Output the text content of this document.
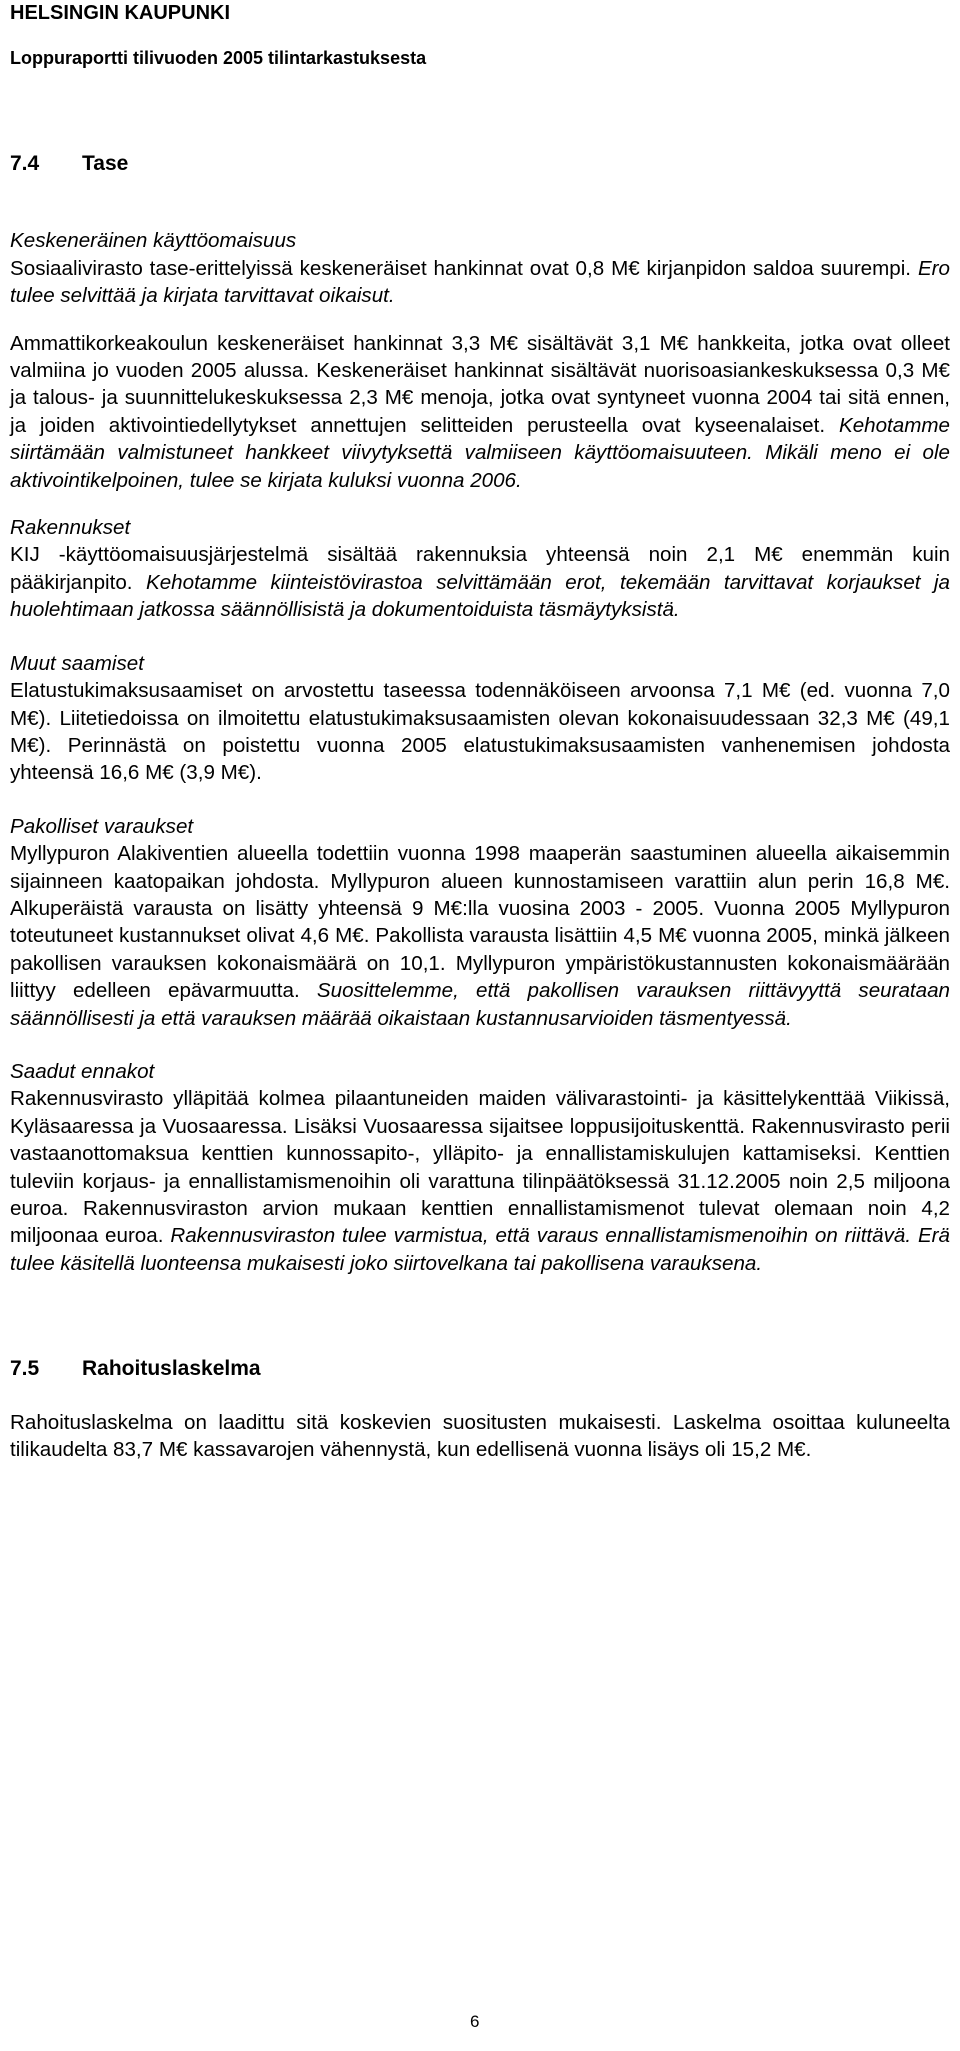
HELSINGIN KAUPUNKI
Loppuraportti tilivuoden 2005 tilintarkastuksesta

7.4 Tase

Keskeneräinen käyttöomaisuus

Sosiaalivirasto tase-erittelyissä keskeneräiset hankinnat ovat 0,8 M€ kirjanpidon saldoa suurempi. Ero tulee selvittää ja kirjata tarvittavat oikaisut.

Ammattikorkeakoulun keskeneräiset hankinnat 3,3 M€ sisältävät 3,1 M€ hankkeita, jotka ovat olleet valmiina jo vuoden 2005 alussa. Keskeneräiset hankinnat sisältävät nuorisoasiankeskuksessa 0,3 M€ ja talous- ja suunnittelukeskuksessa 2,3 M€ menoja, jotka ovat syntyneet vuonna 2004 tai sitä ennen, ja joiden aktivointiedellytykset annettujen selitteiden perusteella ovat kyseenalaiset. Kehotamme siirtämään valmistuneet hankkeet viivytyksettä valmiiseen käyttöomaisuuteen. Mikäli meno ei ole aktivointikelpoinen, tulee se kirjata kuluksi vuonna 2006.

Rakennukset

KIJ -käyttöomaisuusjärjestelmä sisältää rakennuksia yhteensä noin 2,1 M€ enemmän kuin pääkirjanpito. Kehotamme kiinteistövirastoa selvittämään erot, tekemään tarvittavat korjaukset ja huolehtimaan jatkossa säännöllisistä ja dokumentoiduista täsmäytyksistä.

Muut saamiset

Elatustukimaksusaamiset on arvostettu taseessa todennäköiseen arvoonsa 7,1 M€ (ed. vuonna 7,0 M€). Liitetiedoissa on ilmoitettu elatustukimaksusaamisten olevan kokonaisuudessaan 32,3 M€ (49,1 M€). Perinnästä on poistettu vuonna 2005 elatustukimaksusaamisten vanhenemisen johdosta yhteensä 16,6 M€ (3,9 M€).

Pakolliset varaukset

Myllypuron Alakiventien alueella todettiin vuonna 1998 maaperän saastuminen alueella aikaisemmin sijainneen kaatopaikan johdosta. Myllypuron alueen kunnostamiseen varattiin alun perin 16,8 M€. Alkuperäistä varausta on lisätty yhteensä 9 M€:lla vuosina 2003 - 2005. Vuonna 2005 Myllypuron toteutuneet kustannukset olivat 4,6 M€. Pakollista varausta lisättiin 4,5 M€ vuonna 2005, minkä jälkeen pakollisen varauksen kokonaismäärä on 10,1. Myllypuron ympäristökustannusten kokonaismäärään liittyy edelleen epävarmuutta. Suosittelemme, että pakollisen varauksen riittävyyttä seurataan säännöllisesti ja että varauksen määrää oikaistaan kustannusarvioiden täsmentyessä.

Saadut ennakot

Rakennusvirasto ylläpitää kolmea pilaantuneiden maiden välivarastointi- ja käsittelykenttää Viikissä, Kyläsaaressa ja Vuosaaressa. Lisäksi Vuosaaressa sijaitsee loppusijoituskenttä. Rakennusvirasto perii vastaanottomaksua kenttien kunnossapito-, ylläpito- ja ennallistamiskulujen kattamiseksi. Kenttien tuleviin korjaus- ja ennallistamismenoihin oli varattuna tilinpäätöksessä 31.12.2005 noin 2,5 miljoona euroa. Rakennusviraston arvion mukaan kenttien ennallistamismenot tulevat olemaan noin 4,2 miljoonaa euroa. Rakennusviraston tulee varmistua, että varaus ennallistamismenoihin on riittävä. Erä tulee käsitellä luonteensa mukaisesti joko siirtovelkana tai pakollisena varauksena.

7.5 Rahoituslaskelma

Rahoituslaskelma on laadittu sitä koskevien suositusten mukaisesti. Laskelma osoittaa kuluneelta tilikaudelta 83,7 M€ kassavarojen vähennystä, kun edellisenä vuonna lisäys oli 15,2 M€.

6
